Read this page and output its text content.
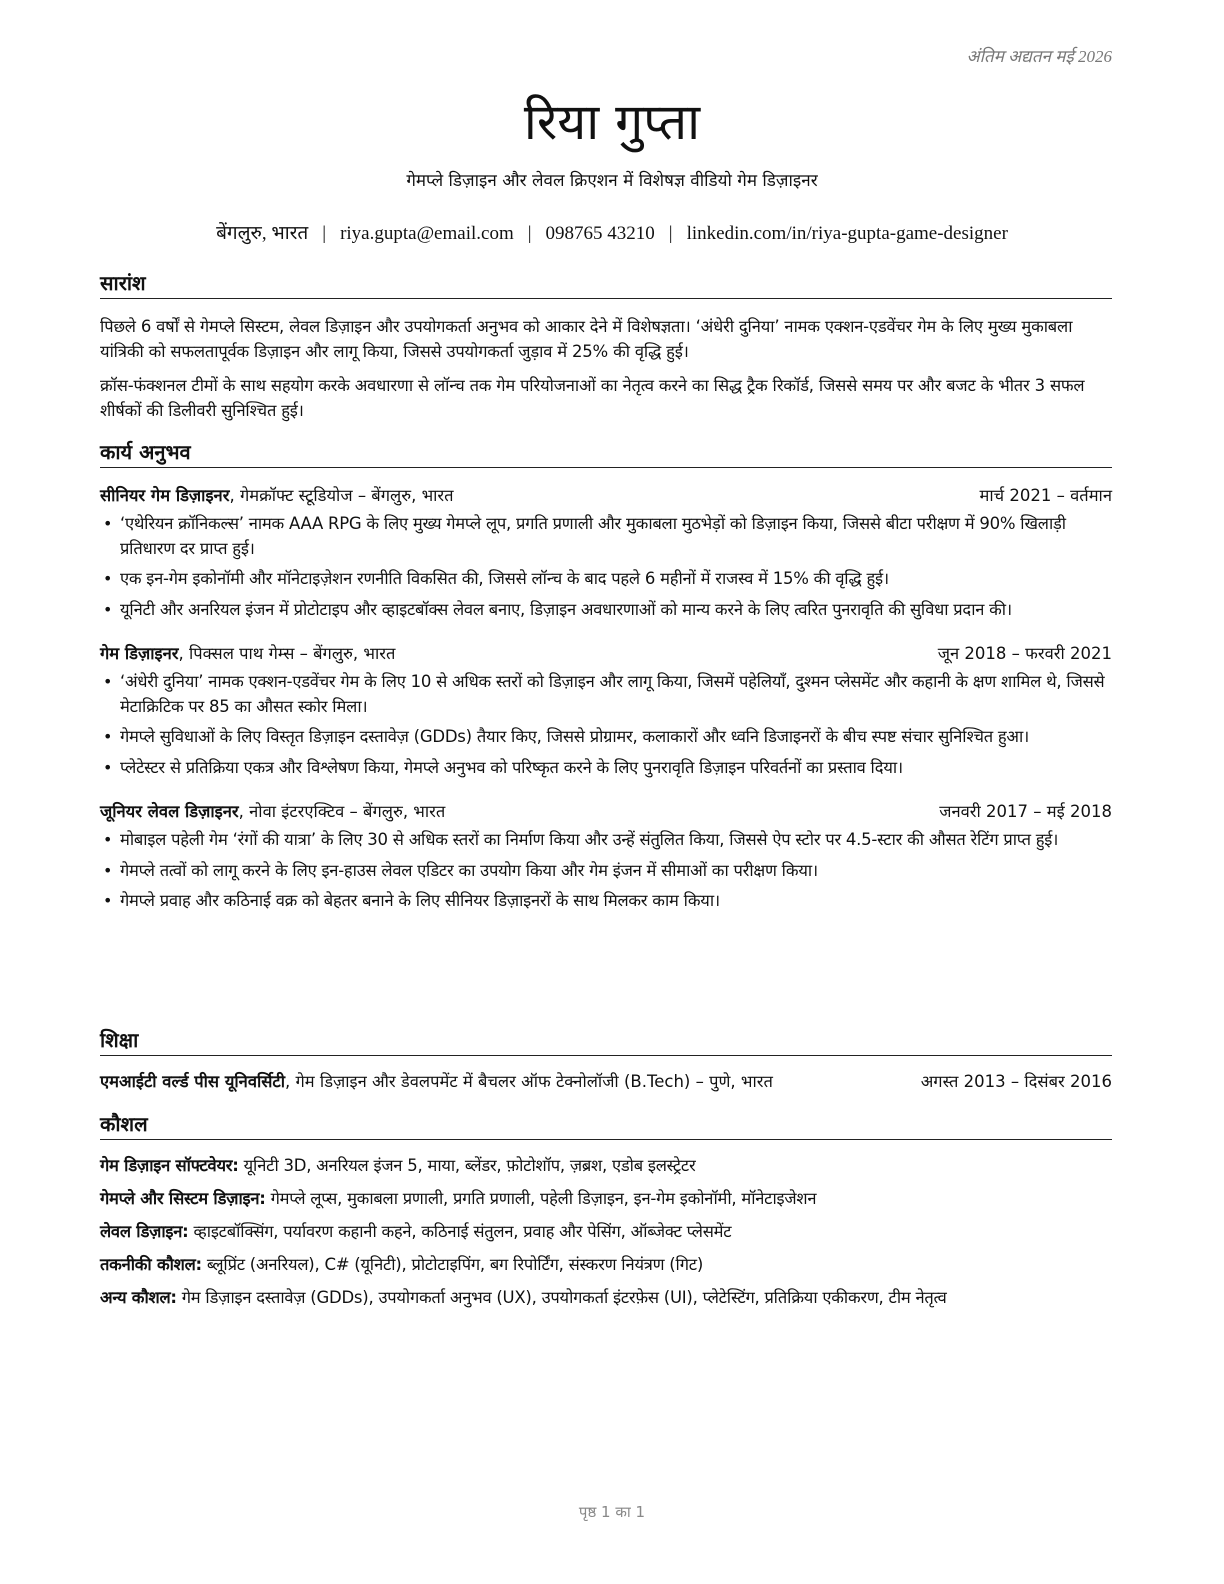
अंतिम अद्यतन मई 2026
रिया गुप्ता
गेमप्ले डिज़ाइन और लेवल क्रिएशन में विशेषज्ञ वीडियो गेम डिज़ाइनर
बेंगलुरु, भारत | riya.gupta@email.com | 098765 43210 | linkedin.com/in/riya-gupta-game-designer
सारांश

पिछले 6 वर्षों से गेमप्ले सिस्टम, लेवल डिज़ाइन और उपयोगकर्ता अनुभव को आकार देने में विशेषज्ञता। ‘अंधेरी दुनिया’ नामक एक्शन-एडवेंचर गेम के लिए मुख्य मुकाबला यांत्रिकी को सफलतापूर्वक डिज़ाइन और लागू किया, जिससे उपयोगकर्ता जुड़ाव में 25% की वृद्धि हुई।

क्रॉस-फंक्शनल टीमों के साथ सहयोग करके अवधारणा से लॉन्च तक गेम परियोजनाओं का नेतृत्व करने का सिद्ध ट्रैक रिकॉर्ड, जिससे समय पर और बजट के भीतर 3 सफल शीर्षकों की डिलीवरी सुनिश्चित हुई।

कार्य अनुभव
सीनियर गेम डिज़ाइनर, गेमक्रॉफ्ट स्टूडियोज – बेंगलुरु, भारत	मार्च 2021 – वर्तमान
• ‘एथेरियन क्रॉनिकल्स’ नामक AAA RPG के लिए मुख्य गेमप्ले लूप, प्रगति प्रणाली और मुकाबला मुठभेड़ों को डिज़ाइन किया, जिससे बीटा परीक्षण में 90% खिलाड़ी प्रतिधारण दर प्राप्त हुई।
• एक इन-गेम इकोनॉमी और मॉनेटाइज़ेशन रणनीति विकसित की, जिससे लॉन्च के बाद पहले 6 महीनों में राजस्व में 15% की वृद्धि हुई।
• यूनिटी और अनरियल इंजन में प्रोटोटाइप और व्हाइटबॉक्स लेवल बनाए, डिज़ाइन अवधारणाओं को मान्य करने के लिए त्वरित पुनरावृति की सुविधा प्रदान की।
गेम डिज़ाइनर, पिक्सल पाथ गेम्स – बेंगलुरु, भारत	जून 2018 – फरवरी 2021
• ‘अंधेरी दुनिया’ नामक एक्शन-एडवेंचर गेम के लिए 10 से अधिक स्तरों को डिज़ाइन और लागू किया, जिसमें पहेलियाँ, दुश्मन प्लेसमेंट और कहानी के क्षण शामिल थे, जिससे मेटाक्रिटिक पर 85 का औसत स्कोर मिला।
• गेमप्ले सुविधाओं के लिए विस्तृत डिज़ाइन दस्तावेज़ (GDDs) तैयार किए, जिससे प्रोग्रामर, कलाकारों और ध्वनि डिजाइनरों के बीच स्पष्ट संचार सुनिश्चित हुआ।
• प्लेटेस्टर से प्रतिक्रिया एकत्र और विश्लेषण किया, गेमप्ले अनुभव को परिष्कृत करने के लिए पुनरावृति डिज़ाइन परिवर्तनों का प्रस्ताव दिया।
जूनियर लेवल डिज़ाइनर, नोवा इंटरएक्टिव – बेंगलुरु, भारत	जनवरी 2017 – मई 2018
• मोबाइल पहेली गेम ‘रंगों की यात्रा’ के लिए 30 से अधिक स्तरों का निर्माण किया और उन्हें संतुलित किया, जिससे ऐप स्टोर पर 4.5-स्टार की औसत रेटिंग प्राप्त हुई।
• गेमप्ले तत्वों को लागू करने के लिए इन-हाउस लेवल एडिटर का उपयोग किया और गेम इंजन में सीमाओं का परीक्षण किया।
• गेमप्ले प्रवाह और कठिनाई वक्र को बेहतर बनाने के लिए सीनियर डिज़ाइनरों के साथ मिलकर काम किया।
शिक्षा
एमआईटी वर्ल्ड पीस यूनिवर्सिटी, गेम डिज़ाइन और डेवलपमेंट में बैचलर ऑफ टेक्नोलॉजी (B.Tech) – पुणे, भारत	अगस्त 2013 – दिसंबर 2016
कौशल
गेम डिज़ाइन सॉफ्टवेयर: यूनिटी 3D, अनरियल इंजन 5, माया, ब्लेंडर, फ़ोटोशॉप, ज़ब्रश, एडोब इलस्ट्रेटर
गेमप्ले और सिस्टम डिज़ाइन: गेमप्ले लूप्स, मुकाबला प्रणाली, प्रगति प्रणाली, पहेली डिज़ाइन, इन-गेम इकोनॉमी, मॉनेटाइजेशन
लेवल डिज़ाइन: व्हाइटबॉक्सिंग, पर्यावरण कहानी कहने, कठिनाई संतुलन, प्रवाह और पेसिंग, ऑब्जेक्ट प्लेसमेंट
तकनीकी कौशल: ब्लूप्रिंट (अनरियल), C# (यूनिटी), प्रोटोटाइपिंग, बग रिपोर्टिंग, संस्करण नियंत्रण (गिट)
अन्य कौशल: गेम डिज़ाइन दस्तावेज़ (GDDs), उपयोगकर्ता अनुभव (UX), उपयोगकर्ता इंटरफ़ेस (UI), प्लेटेस्टिंग, प्रतिक्रिया एकीकरण, टीम नेतृत्व
पृष्ठ 1 का 1
